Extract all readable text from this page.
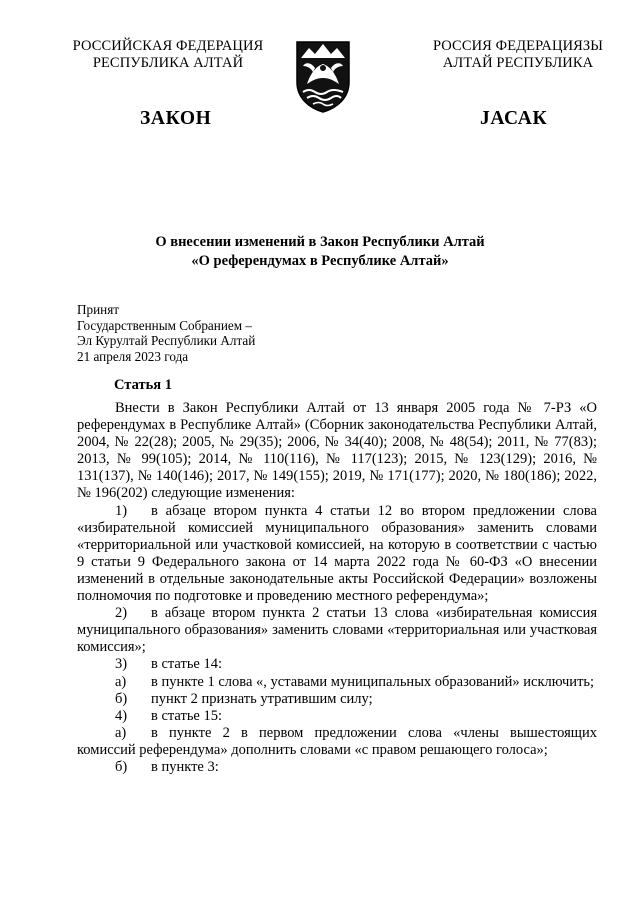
РОССИЙСКАЯ ФЕДЕРАЦИЯ
РЕСПУБЛИКА АЛТАЙ
РОССИЯ ФЕДЕРАЦИЯЗЫ
АЛТАЙ РЕСПУБЛИКА
ЗАКОН	ЈАСАК
О внесении изменений в Закон Республики Алтай
«О референдумах в Республике Алтай»
Принят
Государственным Собранием –
Эл Курултай Республики Алтай
21 апреля 2023 года
Статья 1

Внести в Закон Республики Алтай от 13 января 2005 года № 7-РЗ «О референдумах в Республике Алтай» (Сборник законодательства Республики Алтай, 2004, № 22(28); 2005, № 29(35); 2006, № 34(40); 2008, № 48(54); 2011, № 77(83); 2013, № 99(105); 2014, № 110(116), № 117(123); 2015, № 123(129); 2016, № 131(137), № 140(146); 2017, № 149(155); 2019, № 171(177); 2020, № 180(186); 2022, № 196(202) следующие изменения:

1) в абзаце втором пункта 4 статьи 12 во втором предложении слова «избирательной комиссией муниципального образования» заменить словами «территориальной или участковой комиссией, на которую в соответствии с частью 9 статьи 9 Федерального закона от 14 марта 2022 года № 60-ФЗ «О внесении изменений в отдельные законодательные акты Российской Федерации» возложены полномочия по подготовке и проведению местного референдума»;

2) в абзаце втором пункта 2 статьи 13 слова «избирательная комиссия муниципального образования» заменить словами «территориальная или участковая комиссия»;

3) в статье 14:

а) в пункте 1 слова «, уставами муниципальных образований» исключить;

б) пункт 2 признать утратившим силу;

4) в статье 15:

а) в пункте 2 в первом предложении слова «члены вышестоящих комиссий референдума» дополнить словами «с правом решающего голоса»;

б) в пункте 3:
